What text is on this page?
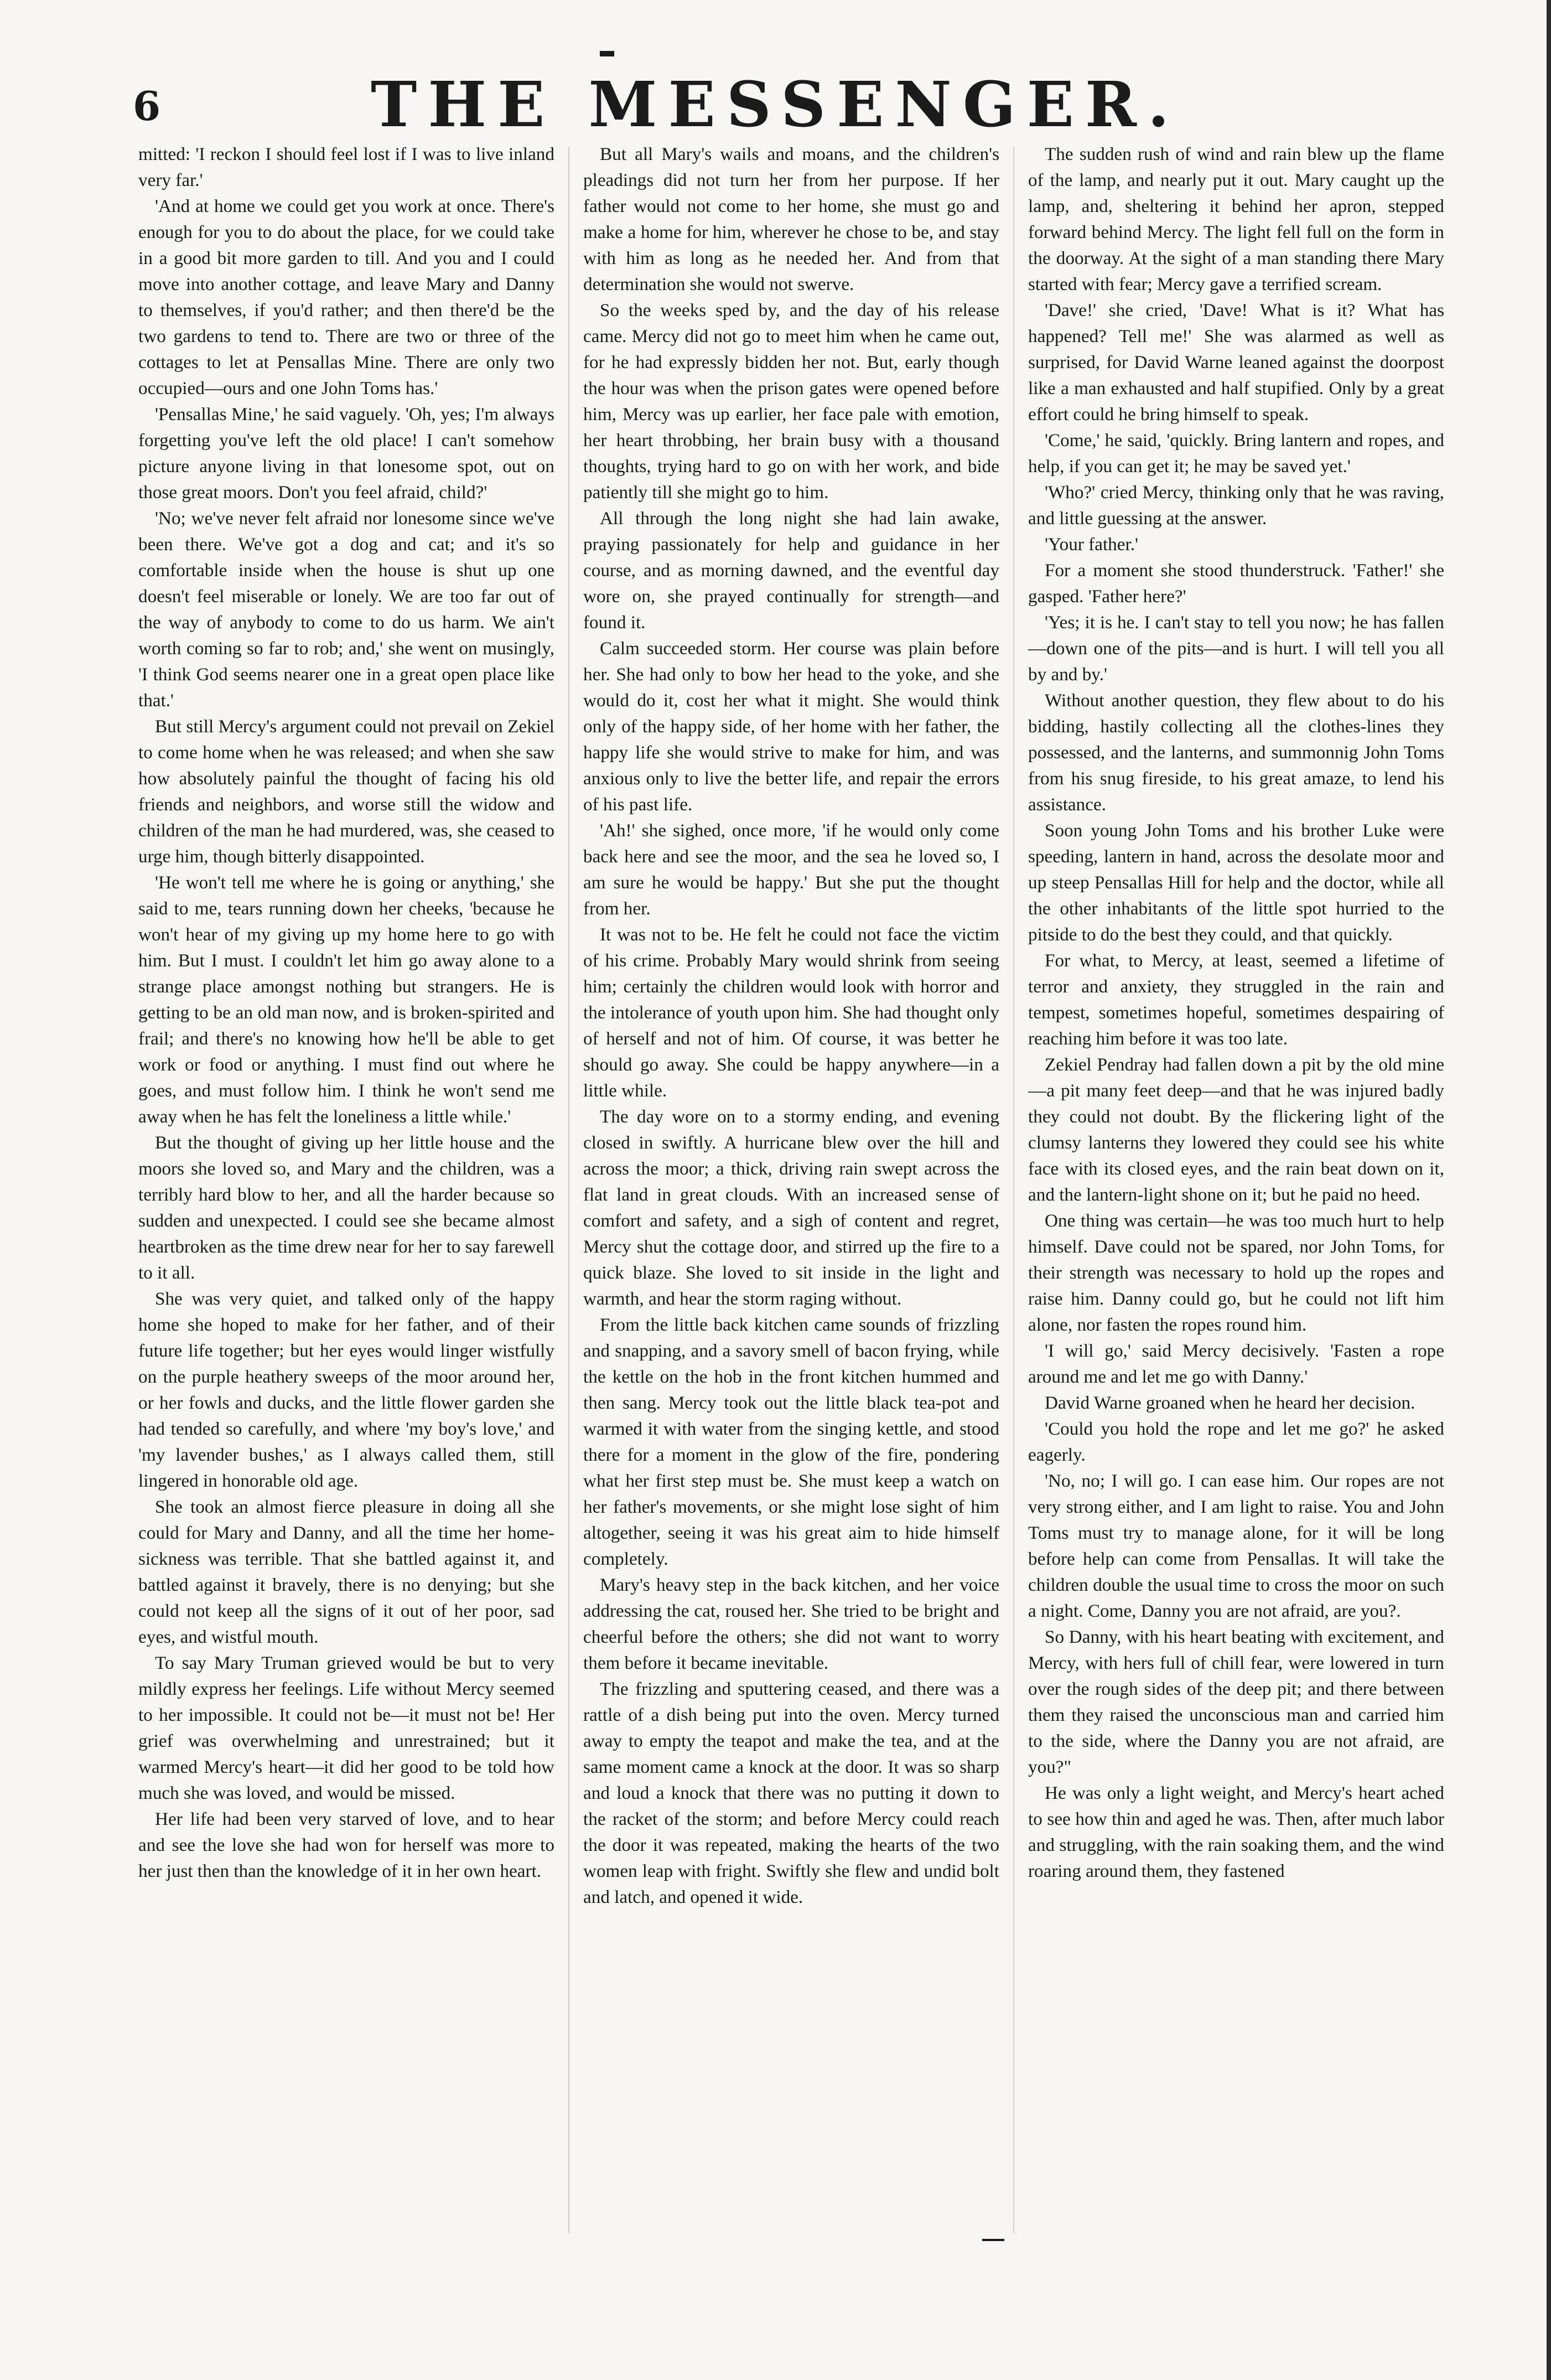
6	THE MESSENGER.

mitted: 'I reckon I should feel lost if I was to live inland very far.'

'And at home we could get you work at once. There's enough for you to do about the place, for we could take in a good bit more garden to till. And you and I could move into another cottage, and leave Mary and Danny to themselves, if you'd rather; and then there'd be the two gardens to tend to. There are two or three of the cottages to let at Pensallas Mine. There are only two occupied—ours and one John Toms has.'

'Pensallas Mine,' he said vaguely. 'Oh, yes; I'm always forgetting you've left the old place! I can't somehow picture anyone living in that lonesome spot, out on those great moors. Don't you feel afraid, child?'

'No; we've never felt afraid nor lonesome since we've been there. We've got a dog and cat; and it's so comfortable inside when the house is shut up one doesn't feel miserable or lonely. We are too far out of the way of anybody to come to do us harm. We ain't worth coming so far to rob; and,' she went on musingly, 'I think God seems nearer one in a great open place like that.'

But still Mercy's argument could not prevail on Zekiel to come home when he was released; and when she saw how absolutely painful the thought of facing his old friends and neighbors, and worse still the widow and children of the man he had murdered, was, she ceased to urge him, though bitterly disappointed.

'He won't tell me where he is going or anything,' she said to me, tears running down her cheeks, 'because he won't hear of my giving up my home here to go with him. But I must. I couldn't let him go away alone to a strange place amongst nothing but strangers. He is getting to be an old man now, and is broken-spirited and frail; and there's no knowing how he'll be able to get work or food or anything. I must find out where he goes, and must follow him. I think he won't send me away when he has felt the loneliness a little while.'

But the thought of giving up her little house and the moors she loved so, and Mary and the children, was a terribly hard blow to her, and all the harder because so sudden and unexpected. I could see she became almost heartbroken as the time drew near for her to say farewell to it all.

She was very quiet, and talked only of the happy home she hoped to make for her father, and of their future life together; but her eyes would linger wistfully on the purple heathery sweeps of the moor around her, or her fowls and ducks, and the little flower garden she had tended so carefully, and where 'my boy's love,' and 'my lavender bushes,' as I always called them, still lingered in honorable old age.

She took an almost fierce pleasure in doing all she could for Mary and Danny, and all the time her home-sickness was terrible. That she battled against it, and battled against it bravely, there is no denying; but she could not keep all the signs of it out of her poor, sad eyes, and wistful mouth.

To say Mary Truman grieved would be but to very mildly express her feelings. Life without Mercy seemed to her impossible. It could not be—it must not be! Her grief was overwhelming and unrestrained; but it warmed Mercy's heart—it did her good to be told how much she was loved, and would be missed.

Her life had been very starved of love, and to hear and see the love she had won for herself was more to her just then than the knowledge of it in her own heart.

But all Mary's wails and moans, and the children's pleadings did not turn her from her purpose. If her father would not come to her home, she must go and make a home for him, wherever he chose to be, and stay with him as long as he needed her. And from that determination she would not swerve.

So the weeks sped by, and the day of his release came. Mercy did not go to meet him when he came out, for he had expressly bidden her not. But, early though the hour was when the prison gates were opened before him, Mercy was up earlier, her face pale with emotion, her heart throbbing, her brain busy with a thousand thoughts, trying hard to go on with her work, and bide patiently till she might go to him.

All through the long night she had lain awake, praying passionately for help and guidance in her course, and as morning dawned, and the eventful day wore on, she prayed continually for strength—and found it.

Calm succeeded storm. Her course was plain before her. She had only to bow her head to the yoke, and she would do it, cost her what it might. She would think only of the happy side, of her home with her father, the happy life she would strive to make for him, and was anxious only to live the better life, and repair the errors of his past life.

'Ah!' she sighed, once more, 'if he would only come back here and see the moor, and the sea he loved so, I am sure he would be happy.' But she put the thought from her.

It was not to be. He felt he could not face the victim of his crime. Probably Mary would shrink from seeing him; certainly the children would look with horror and the intolerance of youth upon him. She had thought only of herself and not of him. Of course, it was better he should go away. She could be happy anywhere—in a little while.

The day wore on to a stormy ending, and evening closed in swiftly. A hurricane blew over the hill and across the moor; a thick, driving rain swept across the flat land in great clouds. With an increased sense of comfort and safety, and a sigh of content and regret, Mercy shut the cottage door, and stirred up the fire to a quick blaze. She loved to sit inside in the light and warmth, and hear the storm raging without.

From the little back kitchen came sounds of frizzling and snapping, and a savory smell of bacon frying, while the kettle on the hob in the front kitchen hummed and then sang. Mercy took out the little black tea-pot and warmed it with water from the singing kettle, and stood there for a moment in the glow of the fire, pondering what her first step must be. She must keep a watch on her father's movements, or she might lose sight of him altogether, seeing it was his great aim to hide himself completely.

Mary's heavy step in the back kitchen, and her voice addressing the cat, roused her. She tried to be bright and cheerful before the others; she did not want to worry them before it became inevitable.

The frizzling and sputtering ceased, and there was a rattle of a dish being put into the oven. Mercy turned away to empty the teapot and make the tea, and at the same moment came a knock at the door. It was so sharp and loud a knock that there was no putting it down to the racket of the storm; and before Mercy could reach the door it was repeated, making the hearts of the two women leap with fright. Swiftly she flew and undid bolt and latch, and opened it wide.

The sudden rush of wind and rain blew up the flame of the lamp, and nearly put it out. Mary caught up the lamp, and, sheltering it behind her apron, stepped forward behind Mercy. The light fell full on the form in the doorway. At the sight of a man standing there Mary started with fear; Mercy gave a terrified scream.

'Dave!' she cried, 'Dave! What is it? What has happened? Tell me!' She was alarmed as well as surprised, for David Warne leaned against the doorpost like a man exhausted and half stupified. Only by a great effort could he bring himself to speak.

'Come,' he said, 'quickly. Bring lantern and ropes, and help, if you can get it; he may be saved yet.'

'Who?' cried Mercy, thinking only that he was raving, and little guessing at the answer.

'Your father.'

For a moment she stood thunderstruck. 'Father!' she gasped. 'Father here?'

'Yes; it is he. I can't stay to tell you now; he has fallen—down one of the pits—and is hurt. I will tell you all by and by.'

Without another question, they flew about to do his bidding, hastily collecting all the clothes-lines they possessed, and the lanterns, and summonnig John Toms from his snug fireside, to his great amaze, to lend his assistance.

Soon young John Toms and his brother Luke were speeding, lantern in hand, across the desolate moor and up steep Pensallas Hill for help and the doctor, while all the other inhabitants of the little spot hurried to the pitside to do the best they could, and that quickly.

For what, to Mercy, at least, seemed a lifetime of terror and anxiety, they struggled in the rain and tempest, sometimes hopeful, sometimes despairing of reaching him before it was too late.

Zekiel Pendray had fallen down a pit by the old mine—a pit many feet deep—and that he was injured badly they could not doubt. By the flickering light of the clumsy lanterns they lowered they could see his white face with its closed eyes, and the rain beat down on it, and the lantern-light shone on it; but he paid no heed.

One thing was certain—he was too much hurt to help himself. Dave could not be spared, nor John Toms, for their strength was necessary to hold up the ropes and raise him. Danny could go, but he could not lift him alone, nor fasten the ropes round him.

'I will go,' said Mercy decisively. 'Fasten a rope around me and let me go with Danny.'

David Warne groaned when he heard her decision.

'Could you hold the rope and let me go?' he asked eagerly.

'No, no; I will go. I can ease him. Our ropes are not very strong either, and I am light to raise. You and John Toms must try to manage alone, for it will be long before help can come from Pensallas. It will take the children double the usual time to cross the moor on such a night. Come, Danny you are not afraid, are you?.

So Danny, with his heart beating with excitement, and Mercy, with hers full of chill fear, were lowered in turn over the rough sides of the deep pit; and there between them they raised the unconscious man and carried him to the side, where the Danny you are not afraid, are you?"

He was only a light weight, and Mercy's heart ached to see how thin and aged he was. Then, after much labor and struggling, with the rain soaking them, and the wind roaring around them, they fastened
